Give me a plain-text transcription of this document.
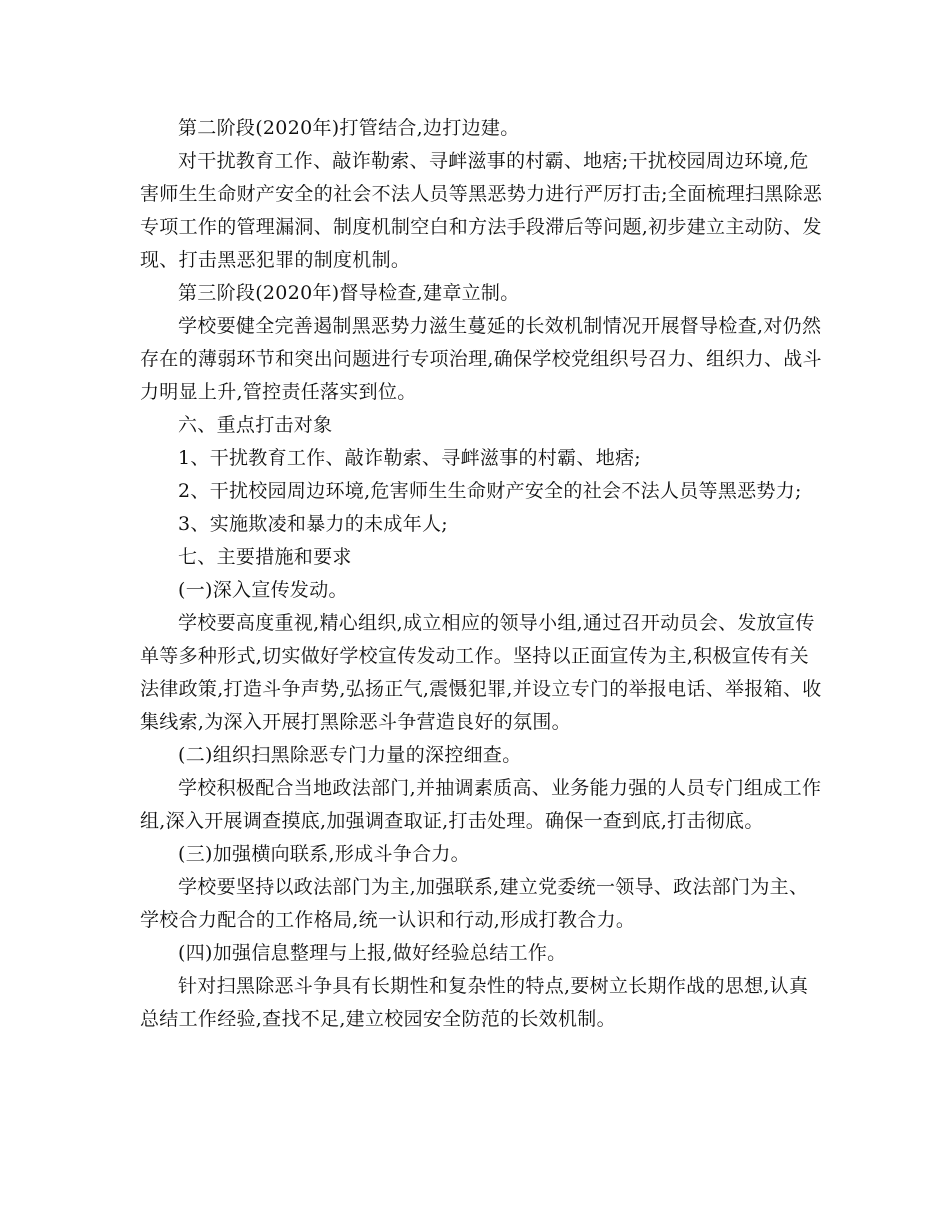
第二阶段(2020年)打管结合,边打边建。

对干扰教育工作、敲诈勒索、寻衅滋事的村霸、地痞;干扰校园周边环境,危害师生生命财产安全的社会不法人员等黑恶势力进行严厉打击;全面梳理扫黑除恶专项工作的管理漏洞、制度机制空白和方法手段滞后等问题,初步建立主动防、发现、打击黑恶犯罪的制度机制。

第三阶段(2020年)督导检查,建章立制。

学校要健全完善遏制黑恶势力滋生蔓延的长效机制情况开展督导检查,对仍然存在的薄弱环节和突出问题进行专项治理,确保学校党组织号召力、组织力、战斗力明显上升,管控责任落实到位。

六、重点打击对象

1、干扰教育工作、敲诈勒索、寻衅滋事的村霸、地痞;

2、干扰校园周边环境,危害师生生命财产安全的社会不法人员等黑恶势力;

3、实施欺凌和暴力的未成年人;

七、主要措施和要求

(一)深入宣传发动。

学校要高度重视,精心组织,成立相应的领导小组,通过召开动员会、发放宣传单等多种形式,切实做好学校宣传发动工作。坚持以正面宣传为主,积极宣传有关法律政策,打造斗争声势,弘扬正气,震慑犯罪,并设立专门的举报电话、举报箱、收集线索,为深入开展打黑除恶斗争营造良好的氛围。

(二)组织扫黑除恶专门力量的深控细查。

学校积极配合当地政法部门,并抽调素质高、业务能力强的人员专门组成工作组,深入开展调查摸底,加强调查取证,打击处理。确保一查到底,打击彻底。

(三)加强横向联系,形成斗争合力。

学校要坚持以政法部门为主,加强联系,建立党委统一领导、政法部门为主、学校合力配合的工作格局,统一认识和行动,形成打教合力。

(四)加强信息整理与上报,做好经验总结工作。

针对扫黑除恶斗争具有长期性和复杂性的特点,要树立长期作战的思想,认真总结工作经验,查找不足,建立校园安全防范的长效机制。
